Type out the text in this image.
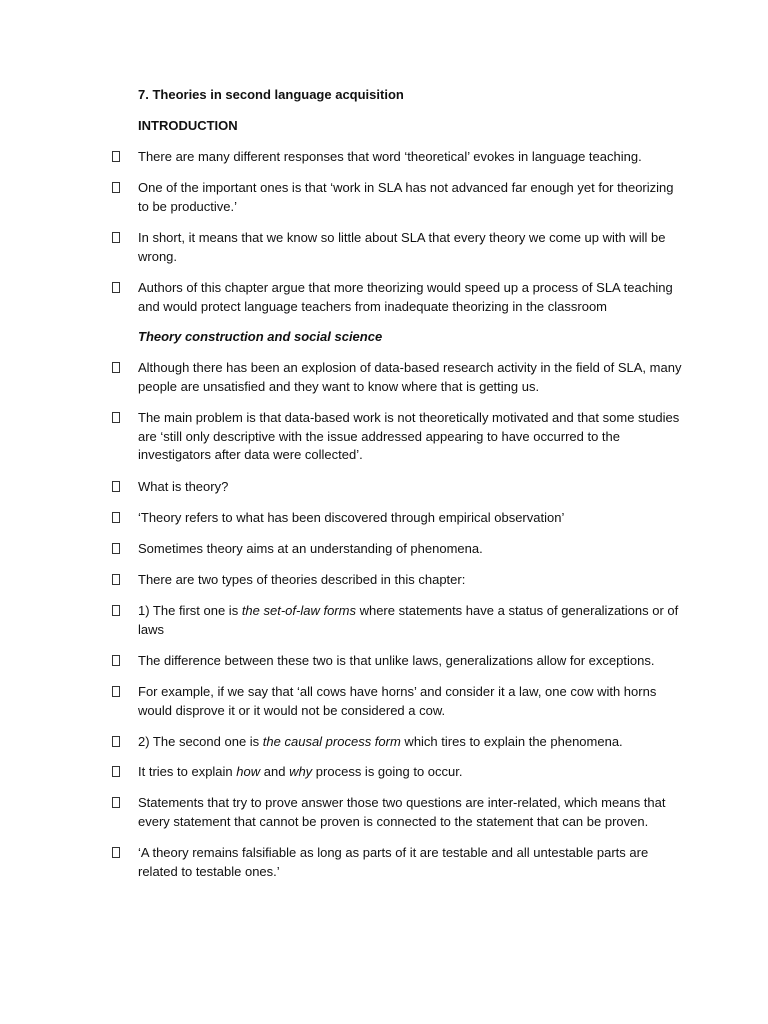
7. Theories in second language acquisition
INTRODUCTION
There are many different responses that word ‘theoretical’ evokes in language teaching.
One of the important ones is that ‘work in SLA has not advanced far enough yet for theorizing to be productive.’
In short, it means that we know so little about SLA that every theory we come up with will be wrong.
Authors of this chapter argue that more theorizing would speed up a process of SLA teaching and would protect language teachers from inadequate theorizing in the classroom
Theory construction and social science
Although there has been an explosion of data-based research activity in the field of SLA, many people are unsatisfied and they want to know where that is getting us.
The main problem is that data-based work is not theoretically motivated and that some studies are ‘still only descriptive with the issue addressed appearing to have occurred to the investigators after data were collected’.
What is theory?
‘Theory refers to what has been discovered through empirical observation’
Sometimes theory aims at an understanding of phenomena.
There are two types of theories described in this chapter:
1) The first one is the set-of-law forms where statements have a status of generalizations or of laws
The difference between these two is that unlike laws, generalizations allow for exceptions.
For example, if we say that ‘all cows have horns’ and consider it a law, one cow with horns would disprove it or it would not be considered a cow.
2) The second one is the causal process form which tires to explain the phenomena.
It tries to explain how and why process is going to occur.
Statements that try to prove answer those two questions are inter-related, which means that every statement that cannot be proven is connected to the statement that can be proven.
‘A theory remains falsifiable as long as parts of it are testable and all untestable parts are related to testable ones.’
